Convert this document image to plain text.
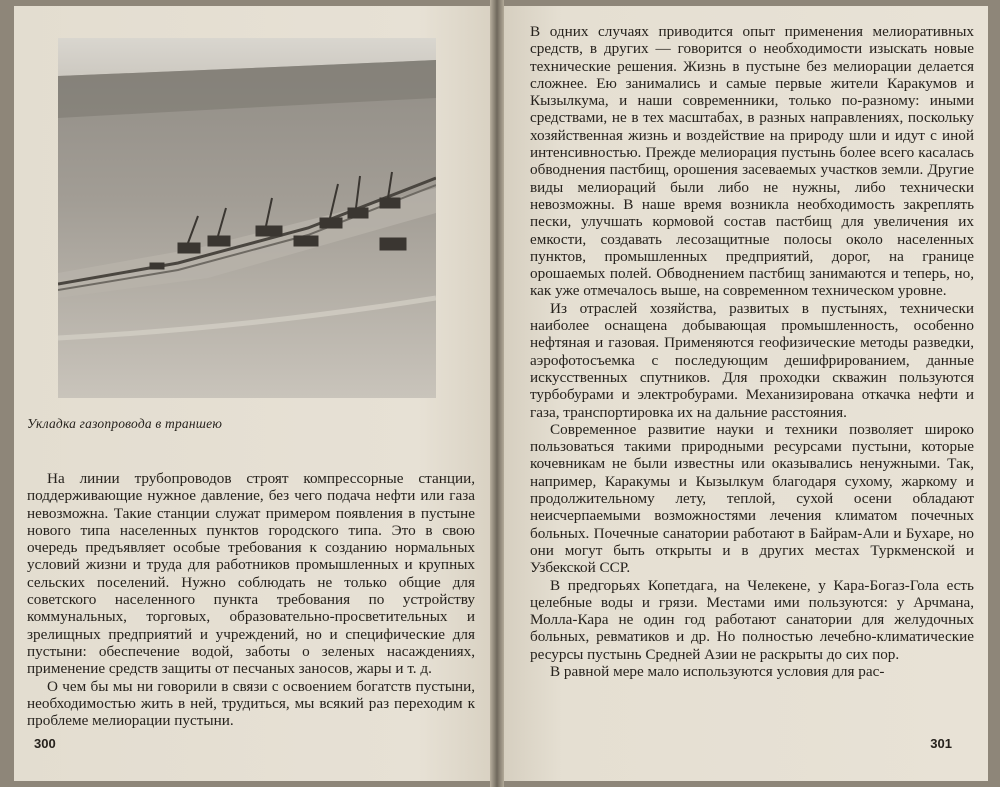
Укладка газопровода в траншею

На линии трубопроводов строят компрессорные станции, поддерживающие нужное давление, без чего подача нефти или газа невозможна. Такие станции служат примером появления в пустыне нового типа населенных пунктов городского типа. Это в свою очередь предъявляет особые требования к созданию нормальных условий жизни и труда для работников промышленных и крупных сельских поселений. Нужно соблюдать не только общие для советского населенного пункта требования по устройству коммунальных, торговых, образовательно-просветительных и зрелищных предприятий и учреждений, но и специфические для пустыни: обеспечение водой, заботы о зеленых насаждениях, применение средств защиты от песчаных заносов, жары и т. д.

О чем бы мы ни говорили в связи с освоением богатств пустыни, необходимостью жить в ней, трудиться, мы всякий раз переходим к проблеме мелиорации пустыни.

300

В одних случаях приводится опыт применения мелиоративных средств, в других — говорится о необходимости изыскать новые технические решения. Жизнь в пустыне без мелиорации делается сложнее. Ею занимались и самые первые жители Каракумов и Кызылкума, и наши современники, только по-разному: иными средствами, не в тех масштабах, в разных направлениях, поскольку хозяйственная жизнь и воздействие на природу шли и идут с иной интенсивностью. Прежде мелиорация пустынь более всего касалась обводнения пастбищ, орошения засеваемых участков земли. Другие виды мелиораций были либо не нужны, либо технически невозможны. В наше время возникла необходимость закреплять пески, улучшать кормовой состав пастбищ для увеличения их емкости, создавать лесозащитные полосы около населенных пунктов, промышленных предприятий, дорог, на границе орошаемых полей. Обводнением пастбищ занимаются и теперь, но, как уже отмечалось выше, на современном техническом уровне.

Из отраслей хозяйства, развитых в пустынях, технически наиболее оснащена добывающая промышленность, особенно нефтяная и газовая. Применяются геофизические методы разведки, аэрофотосъемка с последующим дешифрированием, данные искусственных спутников. Для проходки скважин пользуются турбобурами и электробурами. Механизирована откачка нефти и газа, транспортировка их на дальние расстояния.

Современное развитие науки и техники позволяет широко пользоваться такими природными ресурсами пустыни, которые кочевникам не были известны или оказывались ненужными. Так, например, Каракумы и Кызылкум благодаря сухому, жаркому и продолжительному лету, теплой, сухой осени обладают неисчерпаемыми возможностями лечения климатом почечных больных. Почечные санатории работают в Байрам-Али и Бухаре, но они могут быть открыты и в других местах Туркменской и Узбекской ССР.

В предгорьях Копетдага, на Челекене, у Кара-Богаз-Гола есть целебные воды и грязи. Местами ими пользуются: у Арчмана, Молла-Кара не один год работают санатории для желудочных больных, ревматиков и др. Но полностью лечебно-климатические ресурсы пустынь Средней Азии не раскрыты до сих пор.

В равной мере мало используются условия для рас-

301
